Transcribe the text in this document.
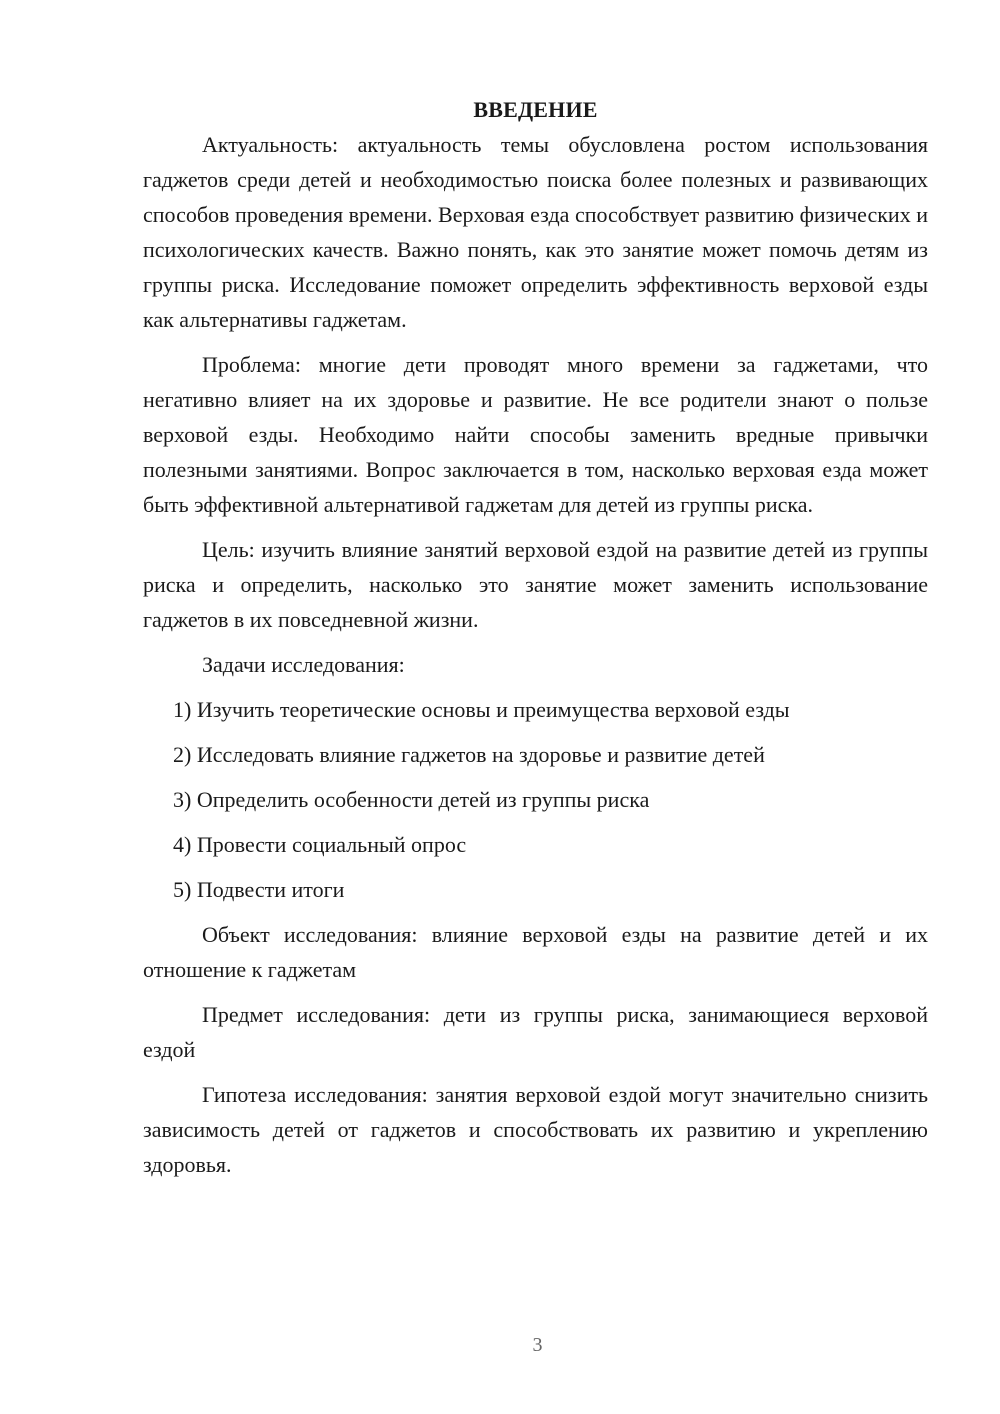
ВВЕДЕНИЕ

Актуальность: актуальность темы обусловлена ростом использования гаджетов среди детей и необходимостью поиска более полезных и развивающих способов проведения времени. Верховая езда способствует развитию физических и психологических качеств. Важно понять, как это занятие может помочь детям из группы риска. Исследование поможет определить эффективность верховой езды как альтернативы гаджетам.

Проблема: многие дети проводят много времени за гаджетами, что негативно влияет на их здоровье и развитие. Не все родители знают о пользе верховой езды. Необходимо найти способы заменить вредные привычки полезными занятиями. Вопрос заключается в том, насколько верховая езда может быть эффективной альтернативой гаджетам для детей из группы риска.

Цель: изучить влияние занятий верховой ездой на развитие детей из группы риска и определить, насколько это занятие может заменить использование гаджетов в их повседневной жизни.

Задачи исследования:

1) Изучить теоретические основы и преимущества верховой езды
2) Исследовать влияние гаджетов на здоровье и развитие детей
3) Определить особенности детей из группы риска
4) Провести социальный опрос
5) Подвести итоги

Объект исследования: влияние верховой езды на развитие детей и их отношение к гаджетам

Предмет исследования: дети из группы риска, занимающиеся верховой ездой

Гипотеза исследования: занятия верховой ездой могут значительно снизить зависимость детей от гаджетов и способствовать их развитию и укреплению здоровья.

3
